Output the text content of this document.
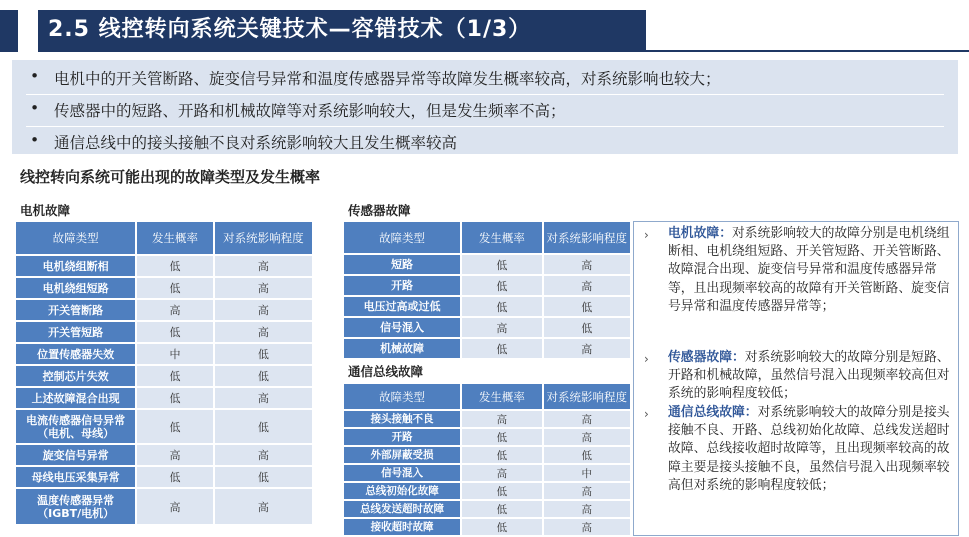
2.5 线控转向系统关键技术—容错技术（1/3）
• 电机中的开关管断路、旋变信号异常和温度传感器异常等故障发生概率较高，对系统影响也较大；
• 传感器中的短路、开路和机械故障等对系统影响较大，但是发生频率不高；
• 通信总线中的接头接触不良对系统影响较大且发生概率较高
线控转向系统可能出现的故障类型及发生概率
电机故障
故障类型	发生概率	对系统影响程度
电机绕组断相	低	高
电机绕组短路	低	高
开关管断路	高	高
开关管短路	低	高
位置传感器失效	中	低
控制芯片失效	低	低
上述故障混合出现	低	高
电流传感器信号异常（电机、母线）	低	低
旋变信号异常	高	高
母线电压采集异常	低	低
温度传感器异常（IGBT/电机）	高	高
传感器故障
故障类型	发生概率	对系统影响程度
短路	低	高
开路	低	高
电压过高或过低	低	低
信号混入	高	低
机械故障	低	高
通信总线故障
故障类型	发生概率	对系统影响程度
接头接触不良	高	高
开路	低	高
外部屏蔽受损	低	低
信号混入	高	中
总线初始化故障	低	高
总线发送超时故障	低	高
接收超时故障	低	高
› 电机故障：对系统影响较大的故障分别是电机绕组断相、电机绕组短路、开关管短路、开关管断路、故障混合出现、旋变信号异常和温度传感器异常等，且出现频率较高的故障有开关管断路、旋变信号异常和温度传感器异常等；
› 传感器故障：对系统影响较大的故障分别是短路、开路和机械故障，虽然信号混入出现频率较高但对系统的影响程度较低；
› 通信总线故障：对系统影响较大的故障分别是接头接触不良、开路、总线初始化故障、总线发送超时故障、总线接收超时故障等，且出现频率较高的故障主要是接头接触不良，虽然信号混入出现频率较高但对系统的影响程度较低；
